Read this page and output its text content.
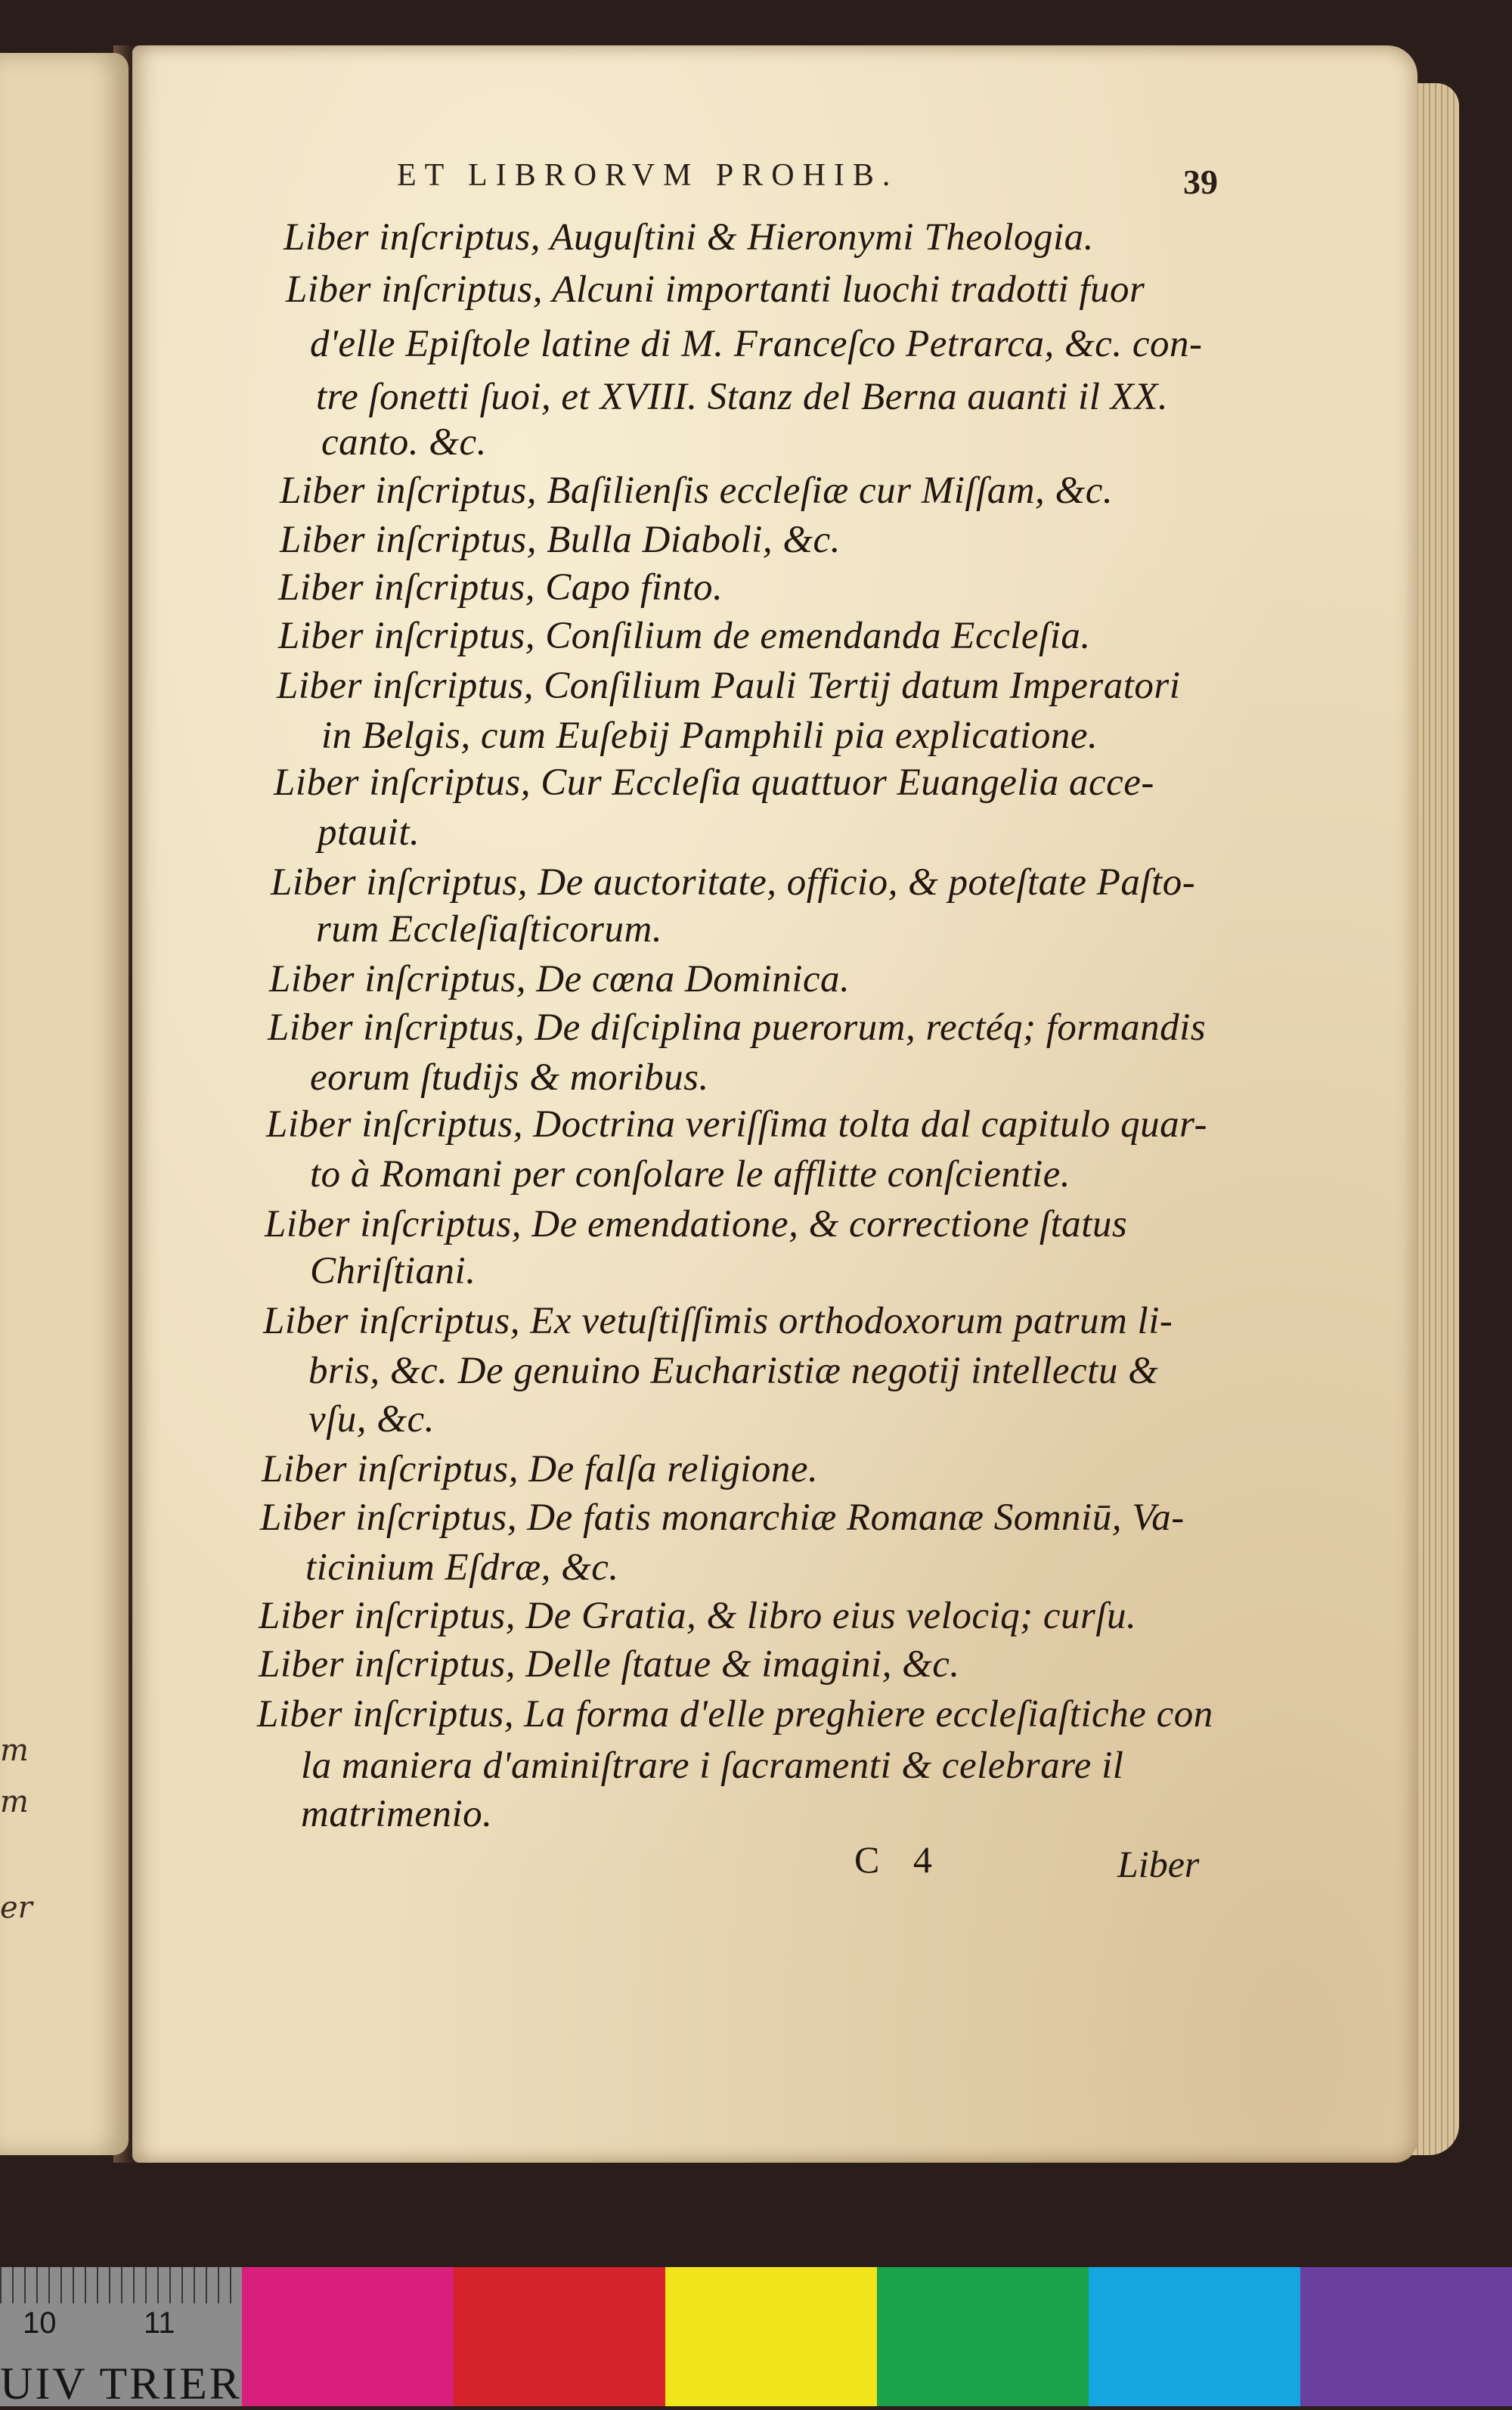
m
m
er
ET LIBRORVM PROHIB.	39
Liber inſcriptus, Auguſtini & Hieronymi Theologia.
Liber inſcriptus, Alcuni importanti luochi tradotti fuor
d'elle Epiſtole latine di M. Franceſco Petrarca, &c. con-
tre ſonetti ſuoi, et XVIII. Stanz del Berna auanti il XX.
canto. &c.
Liber inſcriptus, Baſilienſis eccleſiæ cur Miſſam, &c.
Liber inſcriptus, Bulla Diaboli, &c.
Liber inſcriptus, Capo finto.
Liber inſcriptus, Conſilium de emendanda Eccleſia.
Liber inſcriptus, Conſilium Pauli Tertij datum Imperatori
in Belgis, cum Euſebij Pamphili pia explicatione.
Liber inſcriptus, Cur Eccleſia quattuor Euangelia acce-
ptauit.
Liber inſcriptus, De auctoritate, officio, & poteſtate Paſto-
rum Eccleſiaſticorum.
Liber inſcriptus, De cœna Dominica.
Liber inſcriptus, De diſciplina puerorum, rectéq; formandis
eorum ſtudijs & moribus.
Liber inſcriptus, Doctrina veriſſima tolta dal capitulo quar-
to à Romani per conſolare le afflitte conſcientie.
Liber inſcriptus, De emendatione, & correctione ſtatus
Chriſtiani.
Liber inſcriptus, Ex vetuſtiſſimis orthodoxorum patrum li-
bris, &c. De genuino Eucharistiæ negotij intellectu &
vſu, &c.
Liber inſcriptus, De falſa religione.
Liber inſcriptus, De fatis monarchiæ Romanæ Somniū, Va-
ticinium Eſdræ, &c.
Liber inſcriptus, De Gratia, & libro eius velociq; curſu.
Liber inſcriptus, Delle ſtatue & imagini, &c.
Liber inſcriptus, La forma d'elle preghiere eccleſiaſtiche con
la maniera d'aminiſtrare i ſacramenti & celebrare il
matrimenio.
C 4	Liber
10	11
UIV TRIER
